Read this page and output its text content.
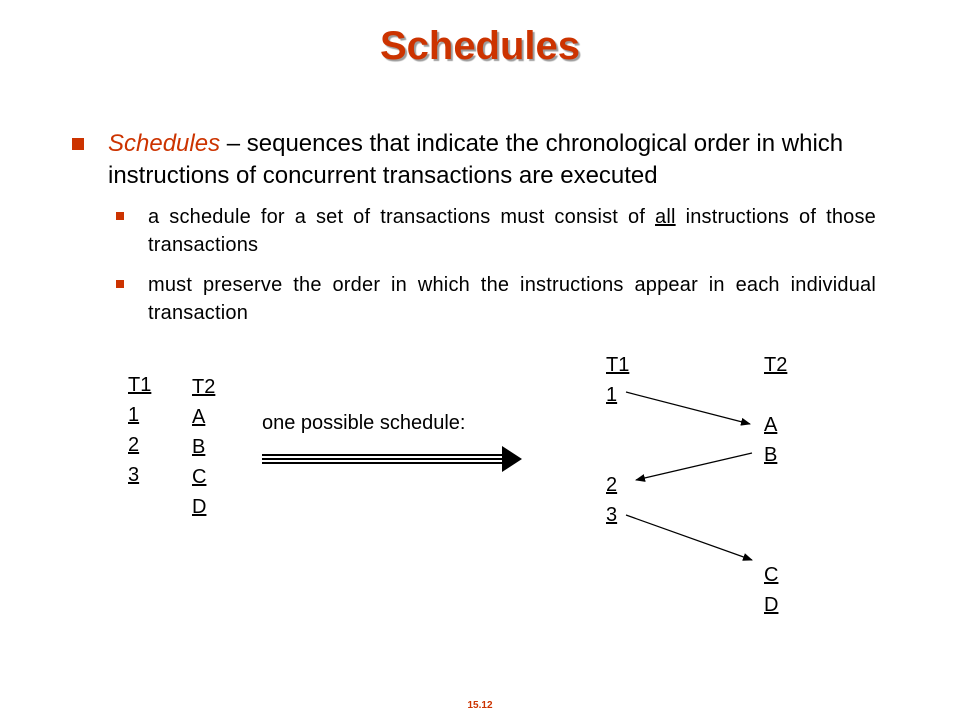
Schedules
Schedules – sequences that indicate the chronological order in which instructions of concurrent transactions are executed
a schedule for a set of transactions must consist of all instructions of those transactions
must preserve the order in which the instructions appear in each individual transaction
T1
1
2
3
T2
A
B
C
D
one possible schedule:
T1
1
2
3
T2
A
B
C
D
15.12
